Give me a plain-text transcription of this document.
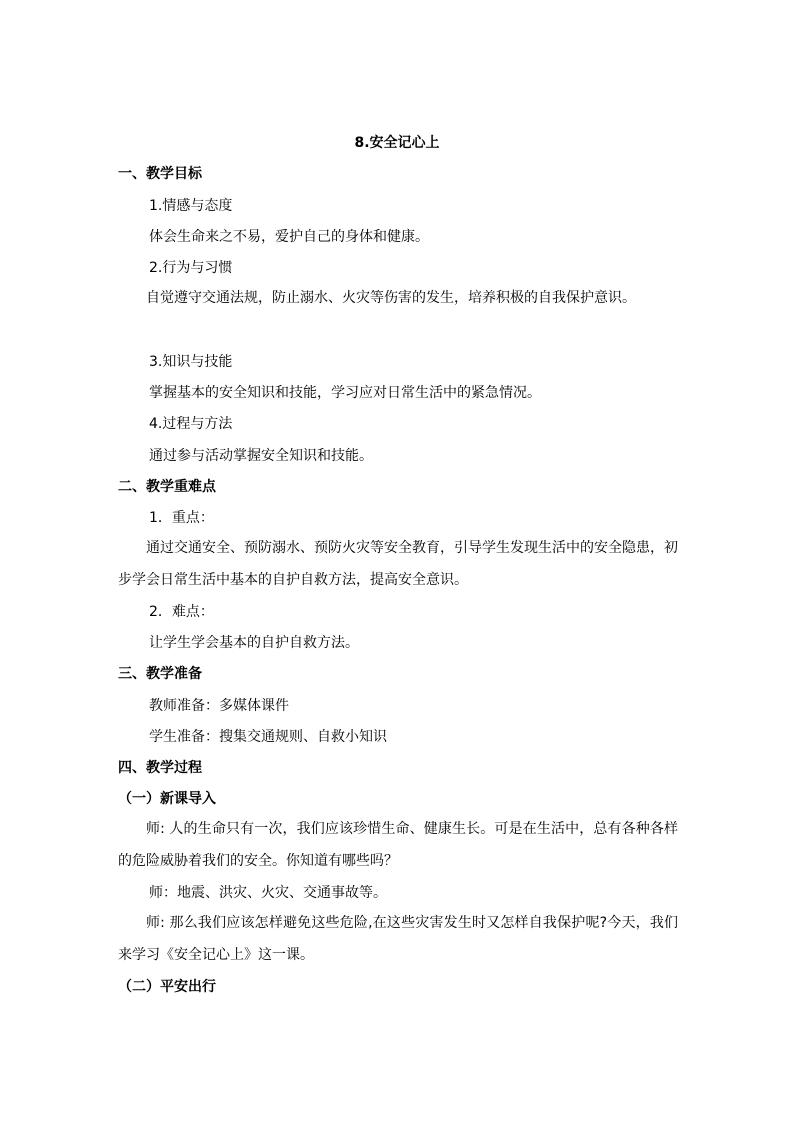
8.安全记心上
一、教学目标
1.情感与态度
体会生命来之不易，爱护自己的身体和健康。
2.行为与习惯
自觉遵守交通法规，防止溺水、火灾等伤害的发生，培养积极的自我保护意识。
3.知识与技能
掌握基本的安全知识和技能，学习应对日常生活中的紧急情况。
4.过程与方法
通过参与活动掌握安全知识和技能。
二、教学重难点
1．重点：
通过交通安全、预防溺水、预防火灾等安全教育，引导学生发现生活中的安全隐患，初步学会日常生活中基本的自护自救方法，提高安全意识。
2．难点：
让学生学会基本的自护自救方法。
三、教学准备
教师准备：多媒体课件
学生准备：搜集交通规则、自救小知识
四、教学过程
（一）新课导入
师: 人的生命只有一次，我们应该珍惜生命、健康生长。可是在生活中，总有各种各样的危险威胁着我们的安全。你知道有哪些吗？
师：地震、洪灾、火灾、交通事故等。
师: 那么我们应该怎样避免这些危险,在这些灾害发生时又怎样自我保护呢?今天，我们来学习《安全记心上》这一课。
（二）平安出行
